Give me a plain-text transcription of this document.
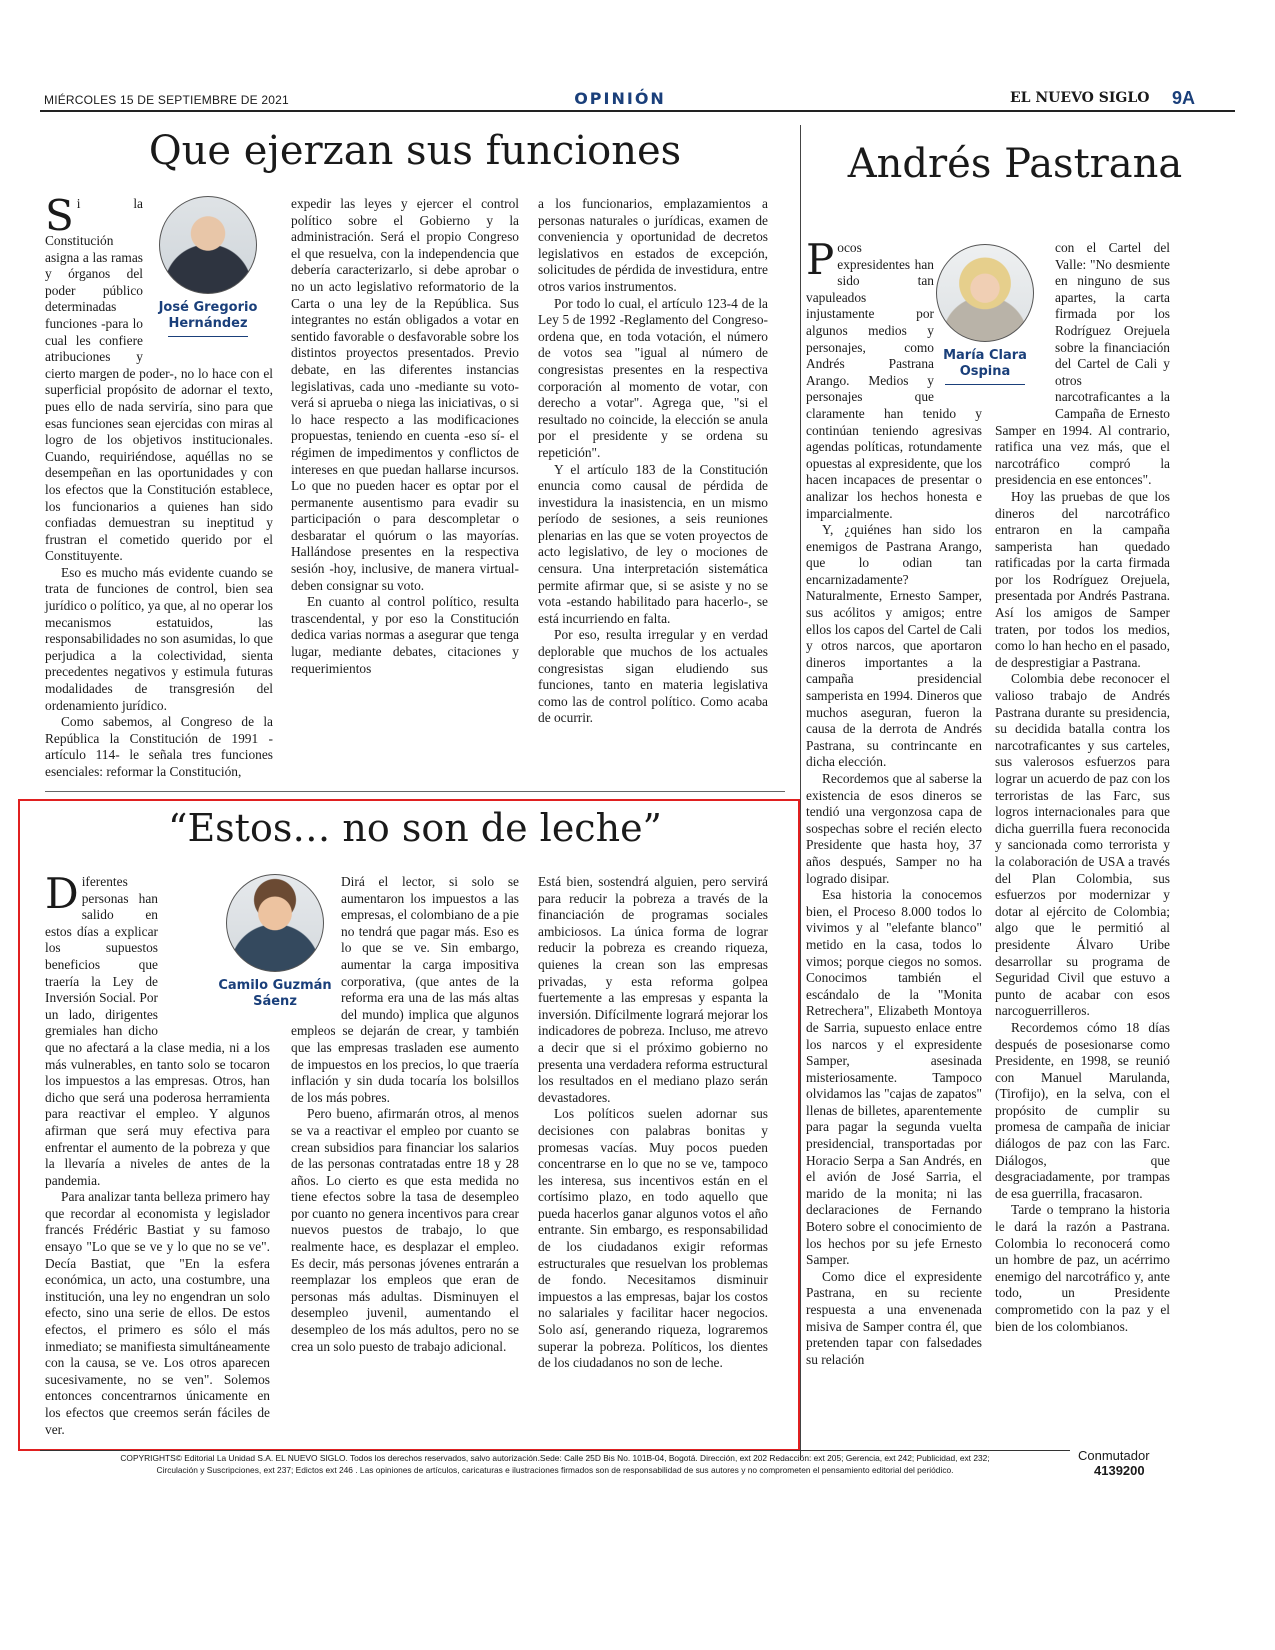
MIÉRCOLES 15 DE SEPTIEMBRE DE 2021	OPINIÓN	EL NUEVO SIGLO 9A
Que ejerzan sus funciones
José Gregorio Hernández

Si la Constitución asigna a las ramas y órganos del poder público determinadas funciones -para lo cual les confiere atribuciones y cierto margen de poder-, no lo hace con el superficial propósito de adornar el texto, pues ello de nada serviría, sino para que esas funciones sean ejercidas con miras al logro de los objetivos institucionales. Cuando, requiriéndose, aquéllas no se desempeñan en las oportunidades y con los efectos que la Constitución establece, los funcionarios a quienes han sido confiadas demuestran su ineptitud y frustran el cometido querido por el Constituyente.

Eso es mucho más evidente cuando se trata de funciones de control, bien sea jurídico o político, ya que, al no operar los mecanismos estatuidos, las responsabilidades no son asumidas, lo que perjudica a la colectividad, sienta precedentes negativos y estimula futuras modalidades de transgresión del ordenamiento jurídico.

Como sabemos, al Congreso de la República la Constitución de 1991 -artículo 114- le señala tres funciones esenciales: reformar la Constitución,

expedir las leyes y ejercer el control político sobre el Gobierno y la administración. Será el propio Congreso el que resuelva, con la independencia que debería caracterizarlo, si debe aprobar o no un acto legislativo reformatorio de la Carta o una ley de la República. Sus integrantes no están obligados a votar en sentido favorable o desfavorable sobre los distintos proyectos presentados. Previo debate, en las diferentes instancias legislativas, cada uno -mediante su voto- verá si aprueba o niega las iniciativas, o si lo hace respecto a las modificaciones propuestas, teniendo en cuenta -eso sí- el régimen de impedimentos y conflictos de intereses en que puedan hallarse incursos. Lo que no pueden hacer es optar por el permanente ausentismo para evadir su participación o para descompletar o desbaratar el quórum o las mayorías. Hallándose presentes en la respectiva sesión -hoy, inclusive, de manera virtual- deben consignar su voto.

En cuanto al control político, resulta trascendental, y por eso la Constitución dedica varias normas a asegurar que tenga lugar, mediante debates, citaciones y requerimientos

a los funcionarios, emplazamientos a personas naturales o jurídicas, examen de conveniencia y oportunidad de decretos legislativos en estados de excepción, solicitudes de pérdida de investidura, entre otros varios instrumentos.

Por todo lo cual, el artículo 123-4 de la Ley 5 de 1992 -Reglamento del Congreso- ordena que, en toda votación, el número de votos sea "igual al número de congresistas presentes en la respectiva corporación al momento de votar, con derecho a votar". Agrega que, "si el resultado no coincide, la elección se anula por el presidente y se ordena su repetición".

Y el artículo 183 de la Constitución enuncia como causal de pérdida de investidura la inasistencia, en un mismo período de sesiones, a seis reuniones plenarias en las que se voten proyectos de acto legislativo, de ley o mociones de censura. Una interpretación sistemática permite afirmar que, si se asiste y no se vota -estando habilitado para hacerlo-, se está incurriendo en falta.

Por eso, resulta irregular y en verdad deplorable que muchos de los actuales congresistas sigan eludiendo sus funciones, tanto en materia legislativa como las de control político. Como acaba de ocurrir.

“Estos… no son de leche”

Diferentes personas han salido en estos días a explicar los supuestos beneficios que traería la Ley de Inversión Social. Por un lado, dirigentes gremiales han dicho que no afectará a la clase media, ni a los más vulnerables, en tanto solo se tocaron los impuestos a las empresas. Otros, han dicho que será una poderosa herramienta para reactivar el empleo. Y algunos afirman que será muy efectiva para enfrentar el aumento de la pobreza y que la llevaría a niveles de antes de la pandemia.

Para analizar tanta belleza primero hay que recordar al economista y legislador francés Frédéric Bastiat y su famoso ensayo "Lo que se ve y lo que no se ve". Decía Bastiat, que "En la esfera económica, un acto, una costumbre, una institución, una ley no engendran un solo efecto, sino una serie de ellos. De estos efectos, el primero es sólo el más inmediato; se manifiesta simultáneamente con la causa, se ve. Los otros aparecen sucesivamente, no se ven". Solemos entonces concentrarnos únicamente en los efectos que creemos serán fáciles de ver.

Camilo Guzmán Sáenz

Dirá el lector, si solo se aumentaron los impuestos a las empresas, el colombiano de a pie no tendrá que pagar más. Eso es lo que se ve. Sin embargo, aumentar la carga impositiva corporativa, (que antes de la reforma era una de las más altas del mundo) implica que algunos empleos se dejarán de crear, y también que las empresas trasladen ese aumento de impuestos en los precios, lo que traería inflación y sin duda tocaría los bolsillos de los más pobres.

Pero bueno, afirmarán otros, al menos se va a reactivar el empleo por cuanto se crean subsidios para financiar los salarios de las personas contratadas entre 18 y 28 años. Lo cierto es que esta medida no tiene efectos sobre la tasa de desempleo por cuanto no genera incentivos para crear nuevos puestos de trabajo, lo que realmente hace, es desplazar el empleo. Es decir, más personas jóvenes entrarán a reemplazar los empleos que eran de personas más adultas. Disminuyen el desempleo juvenil, aumentando el desempleo de los más adultos, pero no se crea un solo puesto de trabajo adicional.

Está bien, sostendrá alguien, pero servirá para reducir la pobreza a través de la financiación de programas sociales ambiciosos. La única forma de lograr reducir la pobreza es creando riqueza, quienes la crean son las empresas privadas, y esta reforma golpea fuertemente a las empresas y espanta la inversión. Difícilmente logrará mejorar los indicadores de pobreza. Incluso, me atrevo a decir que si el próximo gobierno no presenta una verdadera reforma estructural los resultados en el mediano plazo serán devastadores.

Los políticos suelen adornar sus decisiones con palabras bonitas y promesas vacías. Muy pocos pueden concentrarse en lo que no se ve, tampoco les interesa, sus incentivos están en el cortísimo plazo, en todo aquello que pueda hacerlos ganar algunos votos el año entrante. Sin embargo, es responsabilidad de los ciudadanos exigir reformas estructurales que resuelvan los problemas de fondo. Necesitamos disminuir impuestos a las empresas, bajar los costos no salariales y facilitar hacer negocios. Solo así, generando riqueza, lograremos superar la pobreza. Políticos, los dientes de los ciudadanos no son de leche.

Andrés Pastrana

Pocos expresidentes han sido tan vapuleados injustamente por algunos medios y personajes, como Andrés Pastrana Arango. Medios y personajes que claramente han tenido y continúan teniendo agresivas agendas políticas, rotundamente opuestas al expresidente, que los hacen incapaces de presentar o analizar los hechos honesta e imparcialmente.

Y, ¿quiénes han sido los enemigos de Pastrana Arango, que lo odian tan encarnizadamente? Naturalmente, Ernesto Samper, sus acólitos y amigos; entre ellos los capos del Cartel de Cali y otros narcos, que aportaron dineros importantes a la campaña presidencial samperista en 1994. Dineros que muchos aseguran, fueron la causa de la derrota de Andrés Pastrana, su contrincante en dicha elección.

Recordemos que al saberse la existencia de esos dineros se tendió una vergonzosa capa de sospechas sobre el recién electo Presidente que hasta hoy, 37 años después, Samper no ha logrado disipar.

Esa historia la conocemos bien, el Proceso 8.000 todos lo vivimos y al "elefante blanco" metido en la casa, todos lo vimos; porque ciegos no somos. Conocimos también el escándalo de la "Monita Retrechera", Elizabeth Montoya de Sarria, supuesto enlace entre los narcos y el expresidente Samper, asesinada misteriosamente. Tampoco olvidamos las "cajas de zapatos" llenas de billetes, aparentemente para pagar la segunda vuelta presidencial, transportadas por Horacio Serpa a San Andrés, en el avión de José Sarria, el marido de la monita; ni las declaraciones de Fernando Botero sobre el conocimiento de los hechos por su jefe Ernesto Samper.

Como dice el expresidente Pastrana, en su reciente respuesta a una envenenada misiva de Samper contra él, que pretenden tapar con falsedades su relación

María Clara Ospina

con el Cartel del Valle: "No desmiente en ninguno de sus apartes, la carta firmada por los Rodríguez Orejuela sobre la financiación del Cartel de Cali y otros narcotraficantes a la Campaña de Ernesto Samper en 1994. Al contrario, ratifica una vez más, que el narcotráfico compró la presidencia en ese entonces".

Hoy las pruebas de que los dineros del narcotráfico entraron en la campaña samperista han quedado ratificadas por la carta firmada por los Rodríguez Orejuela, presentada por Andrés Pastrana. Así los amigos de Samper traten, por todos los medios, como lo han hecho en el pasado, de desprestigiar a Pastrana.

Colombia debe reconocer el valioso trabajo de Andrés Pastrana durante su presidencia, su decidida batalla contra los narcotraficantes y sus carteles, sus valerosos esfuerzos para lograr un acuerdo de paz con los terroristas de las Farc, sus logros internacionales para que dicha guerrilla fuera reconocida y sancionada como terrorista y la colaboración de USA a través del Plan Colombia, sus esfuerzos por modernizar y dotar al ejército de Colombia; algo que le permitió al presidente Álvaro Uribe desarrollar su programa de Seguridad Civil que estuvo a punto de acabar con esos narcoguerrilleros.

Recordemos cómo 18 días después de posesionarse como Presidente, en 1998, se reunió con Manuel Marulanda, (Tirofijo), en la selva, con el propósito de cumplir su promesa de campaña de iniciar diálogos de paz con las Farc. Diálogos, que desgraciadamente, por trampas de esa guerrilla, fracasaron.

Tarde o temprano la historia le dará la razón a Pastrana. Colombia lo reconocerá como un hombre de paz, un acérrimo enemigo del narcotráfico y, ante todo, un Presidente comprometido con la paz y el bien de los colombianos.

COPYRIGHTS© Editorial La Unidad S.A. EL NUEVO SIGLO. Todos los derechos reservados, salvo autorización.Sede: Calle 25D Bis No. 101B-04, Bogotá. Dirección, ext 202 Redacción: ext 205; Gerencia, ext 242; Publicidad, ext 232;
Circulación y Suscripciones, ext 237; Edictos ext 246 . Las opiniones de artículos, caricaturas e ilustraciones firmados son de responsabilidad de sus autores y no comprometen el pensamiento editorial del periódico.
Conmutador
4139200
